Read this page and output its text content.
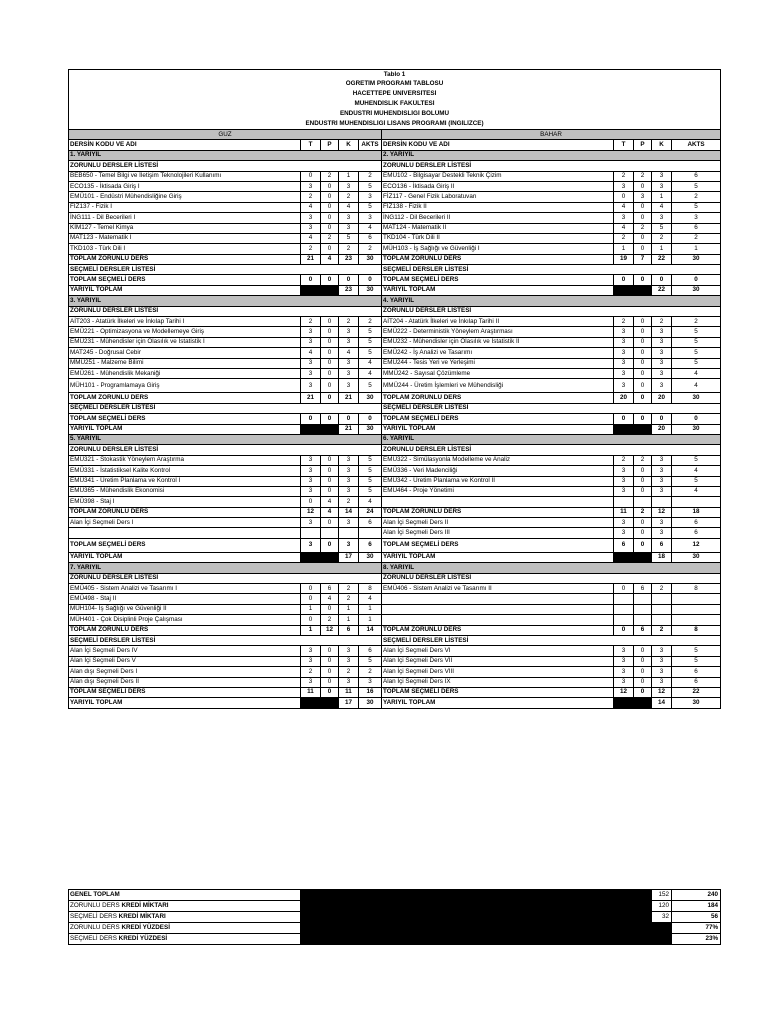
Tablo 1									
ÖĞRETİM PROGRAMI TABLOSU									
HACETTEPE ÜNİVERSİTESİ									
MÜHENDİSLİK FAKÜLTESİ									
ENDÜSTRİ MÜHENDİSLİĞİ BÖLÜMÜ									
ENDÜSTRİ MÜHENDİSLİĞİ LİSANS PROGRAMI (İNGİLİZCE)									
GUZ					BAHAR				
DERSİN KODU VE ADI	T	P	K	AKTS	DERSİN KODU VE ADI	T	P	K	AKTS
1. YARIYIL					2. YARIYIL				
ZORUNLU DERSLER LİSTESİ					ZORUNLU DERSLER LİSTESİ				
BEB650 - Temel Bilgi ve İletişim Teknolojileri Kullanımı	0	2	1	2	EMÜ102 - Bilgisayar Destekli Teknik Çizim	2	2	3	6
ECO135 - İktisada Giriş I	3	0	3	5	ECO136 - İktisada Giriş II	3	0	3	5
EMÜ101 - Endüstri Mühendisliğine Giriş	2	0	2	3	FİZ117 - Genel Fizik Laboratuvarı	0	3	1	2
FİZ137 - Fizik I	4	0	4	5	FİZ138 - Fizik II	4	0	4	5
İNG111 - Dil Becerileri I	3	0	3	3	İNG112 - Dil Becerileri II	3	0	3	3
KİM127 - Temel Kimya	3	0	3	4	MAT124 - Matematik II	4	2	5	6
MAT123 - Matematik I	4	2	5	6	TKD104 - Türk Dili II	2	0	2	2
TKD103 - Türk Dili I	2	0	2	2	MÜH103 - İş Sağlığı ve Güvenliği I	1	0	1	1
TOPLAM ZORUNLU DERS	21	4	23	30	TOPLAM ZORUNLU DERS	19	7	22	30
SEÇMELİ DERSLER LİSTESİ					SEÇMELİ DERSLER LİSTESİ				
TOPLAM SEÇMELİ DERS	0	0	0	0	TOPLAM SEÇMELİ DERS	0	0	0	0
YARIYIL TOPLAM			23	30	YARIYIL TOPLAM			22	30
3. YARIYIL					4. YARIYIL				
ZORUNLU DERSLER LİSTESİ					ZORUNLU DERSLER LİSTESİ				
AİT203 - Atatürk İlkeleri ve İnkılap Tarihi I	2	0	2	2	AİT204 - Atatürk İlkeleri ve İnkılap Tarihi II	2	0	2	2
EMÜ221 - Optimizasyona ve Modellemeye Giriş	3	0	3	5	EMÜ222 - Deterministik Yöneylem Araştırması	3	0	3	5
EMÜ231 - Mühendisler için Olasılık ve İstatistik I	3	0	3	5	EMÜ232 - Mühendisler için Olasılık ve İstatistik II	3	0	3	5
MAT245 - Doğrusal Cebir	4	0	4	5	EMÜ242 - İş Analizi ve Tasarımı	3	0	3	5
MMÜ251 - Malzeme Bilimi	3	0	3	4	EMÜ244 - Tesis Yeri ve Yerleşimi	3	0	3	5
EMÜ261 - Mühendislik Mekaniği	3	0	3	4	MMÜ242 - Sayısal Çözümleme	3	0	3	4
MÜH101 - Programlamaya Giriş	3	0	3	5	MMÜ244 - Üretim İşlemleri ve Mühendisliği	3	0	3	4
TOPLAM ZORUNLU DERS	21	0	21	30	TOPLAM ZORUNLU DERS	20	0	20	30
SEÇMELİ DERSLER LİSTESİ					SEÇMELİ DERSLER LİSTESİ				
TOPLAM SEÇMELİ DERS	0	0	0	0	TOPLAM SEÇMELİ DERS	0	0	0	0
YARIYIL TOPLAM			21	30	YARIYIL TOPLAM			20	30
5. YARIYIL					6. YARIYIL				
ZORUNLU DERSLER LİSTESİ					ZORUNLU DERSLER LİSTESİ				
EMÜ321 - Stokastik Yöneylem Araştırma	3	0	3	5	EMÜ322 - Simülasyonla Modelleme ve Analiz	2	2	3	5
EMÜ331 - İstatistiksel Kalite Kontrol	3	0	3	5	EMÜ336 - Veri Madenciliği	3	0	3	4
EMÜ341 - Üretim Planlama ve Kontrol I	3	0	3	5	EMÜ342 - Üretim Planlama ve Kontrol II	3	0	3	5
EMÜ365 - Mühendislik Ekonomisi	3	0	3	5	EMÜ464 - Proje Yönetimi	3	0	3	4
EMÜ398 - Staj I	0	4	2	4					
TOPLAM ZORUNLU DERS	12	4	14	24	TOPLAM ZORUNLU DERS	11	2	12	18
Alan İçi Seçmeli Ders I	3	0	3	6	Alan İçi Seçmeli Ders II	3	0	3	6
					Alan İçi Seçmeli Ders III	3	0	3	6
TOPLAM SEÇMELİ DERS	3	0	3	6	TOPLAM SEÇMELİ DERS	6	0	6	12
YARIYIL TOPLAM			17	30	YARIYIL TOPLAM			18	30
7. YARIYIL					8. YARIYIL				
ZORUNLU DERSLER LİSTESİ					ZORUNLU DERSLER LİSTESİ				
EMÜ405 - Sistem Analizi ve Tasarımı I	0	6	2	8	EMÜ406 - Sistem Analizi ve Tasarımı II	0	6	2	8
EMÜ498 - Staj II	0	4	2	4					
MÜH104- İş Sağlığı ve Güvenliği II	1	0	1	1					
MÜH401 - Çok Disiplinli Proje Çalışması	0	2	1	1					
TOPLAM ZORUNLU DERS	1	12	6	14	TOPLAM ZORUNLU DERS	0	6	2	8
SEÇMELİ DERSLER LİSTESİ					SEÇMELİ DERSLER LİSTESİ				
Alan İçi Seçmeli Ders IV	3	0	3	6	Alan İçi Seçmeli Ders VI	3	0	3	5
Alan İçi Seçmeli Ders V	3	0	3	5	Alan İçi Seçmeli Ders VII	3	0	3	5
Alan dışı Seçmeli Ders I	2	0	2	2	Alan İçi Seçmeli Ders VIII	3	0	3	6
Alan dışı Seçmeli Ders II	3	0	3	3	Alan İçi Seçmeli Ders IX	3	0	3	6
TOPLAM SEÇMELİ DERS	11	0	11	16	TOPLAM SEÇMELİ DERS	12	0	12	22
YARIYIL TOPLAM			17	30	YARIYIL TOPLAM			14	30
GENEL TOPLAM		152	240
ZORUNLU DERS KREDİ MİKTARI		120	184
SEÇMELİ DERS KREDİ MİKTARI		32	56
ZORUNLU DERS KREDİ YÜZDESİ			77%
SEÇMELİ DERS KREDİ YÜZDESİ			23%
